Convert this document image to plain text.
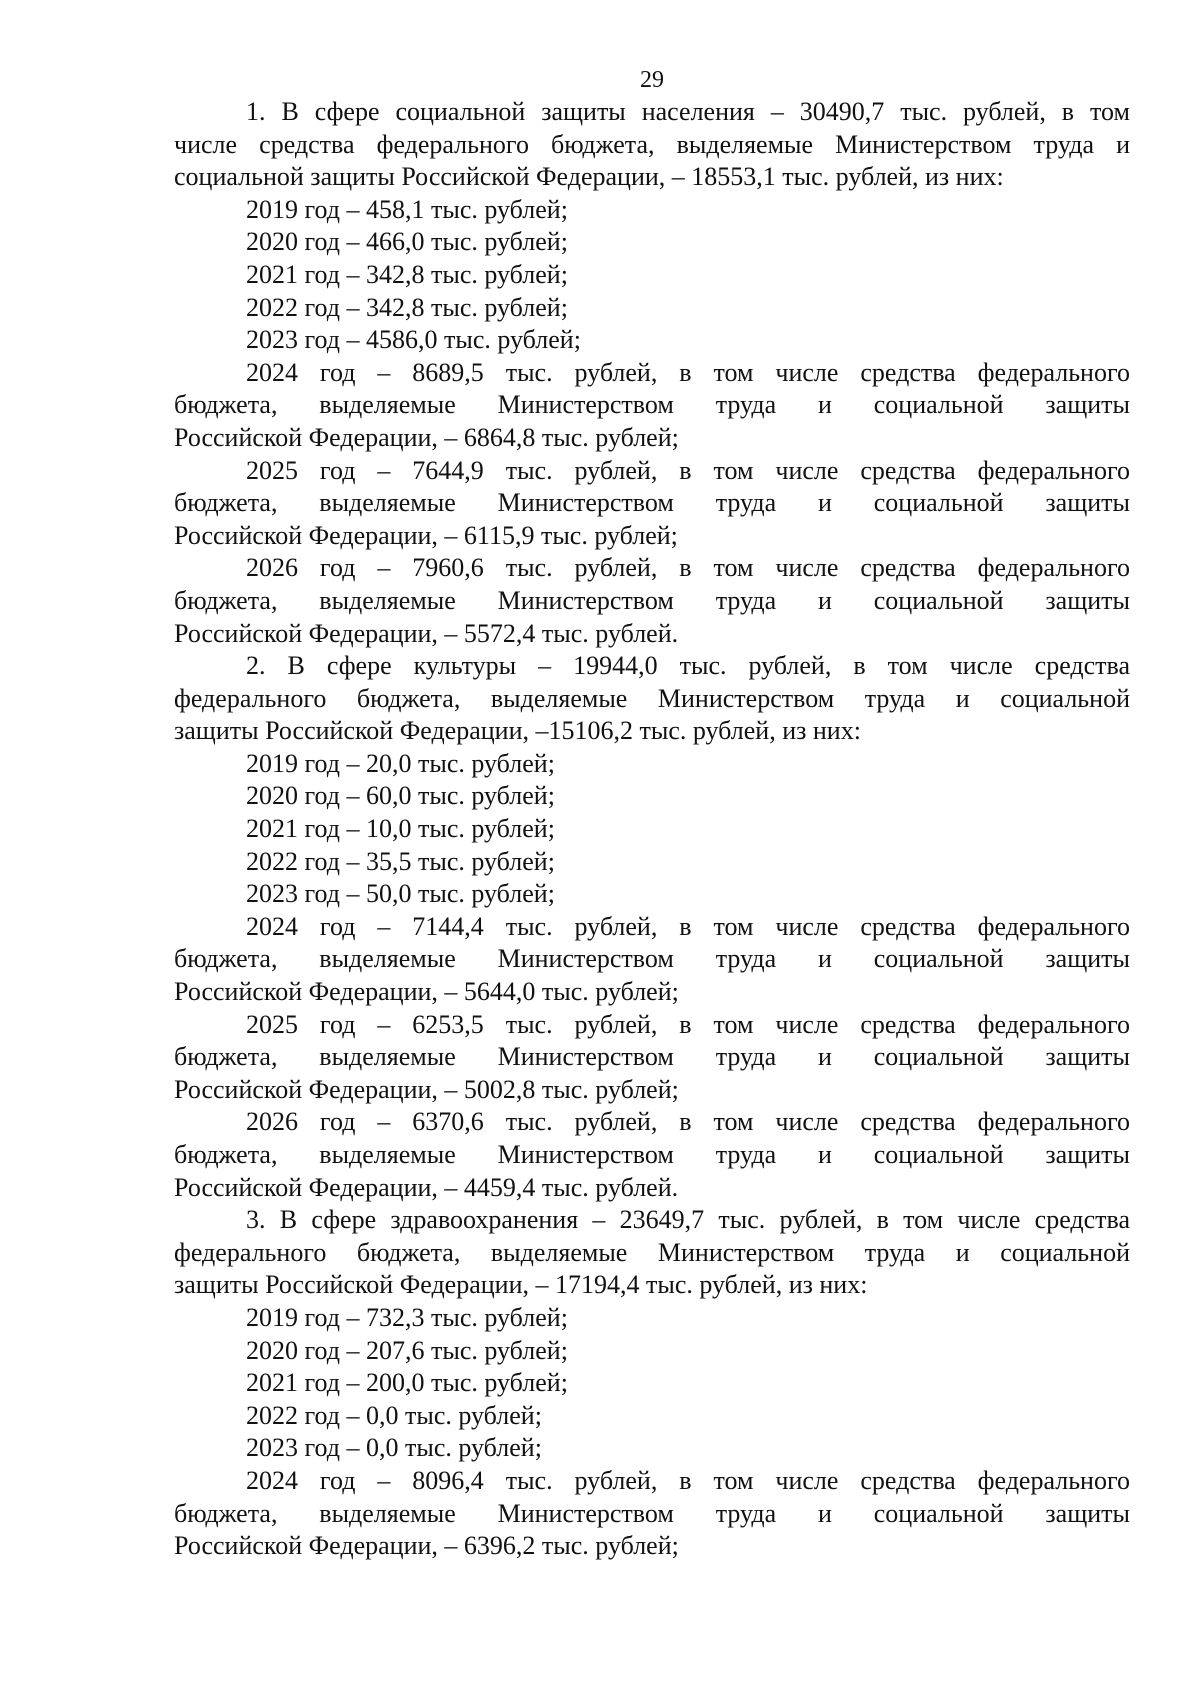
29
1. В сфере социальной защиты населения – 30490,7 тыс. рублей, в том
числе средства федерального бюджета, выделяемые Министерством труда и
социальной защиты Российской Федерации, – 18553,1 тыс. рублей, из них:
2019 год – 458,1 тыс. рублей;
2020 год – 466,0 тыс. рублей;
2021 год – 342,8 тыс. рублей;
2022 год – 342,8 тыс. рублей;
2023 год – 4586,0 тыс. рублей;
2024 год – 8689,5 тыс. рублей, в том числе средства федерального
бюджета, выделяемые Министерством труда и социальной защиты
Российской Федерации, – 6864,8 тыс. рублей;
2025 год – 7644,9 тыс. рублей, в том числе средства федерального
бюджета, выделяемые Министерством труда и социальной защиты
Российской Федерации, – 6115,9 тыс. рублей;
2026 год – 7960,6 тыс. рублей, в том числе средства федерального
бюджета, выделяемые Министерством труда и социальной защиты
Российской Федерации, – 5572,4 тыс. рублей.
2. В сфере культуры – 19944,0 тыс. рублей, в том числе средства
федерального бюджета, выделяемые Министерством труда и социальной
защиты Российской Федерации, –15106,2 тыс. рублей, из них:
2019 год – 20,0 тыс. рублей;
2020 год – 60,0 тыс. рублей;
2021 год – 10,0 тыс. рублей;
2022 год – 35,5 тыс. рублей;
2023 год – 50,0 тыс. рублей;
2024 год – 7144,4 тыс. рублей, в том числе средства федерального
бюджета, выделяемые Министерством труда и социальной защиты
Российской Федерации, – 5644,0 тыс. рублей;
2025 год – 6253,5 тыс. рублей, в том числе средства федерального
бюджета, выделяемые Министерством труда и социальной защиты
Российской Федерации, – 5002,8 тыс. рублей;
2026 год – 6370,6 тыс. рублей, в том числе средства федерального
бюджета, выделяемые Министерством труда и социальной защиты
Российской Федерации, – 4459,4 тыс. рублей.
3. В сфере здравоохранения – 23649,7 тыс. рублей, в том числе средства
федерального бюджета, выделяемые Министерством труда и социальной
защиты Российской Федерации, – 17194,4 тыс. рублей, из них:
2019 год – 732,3 тыс. рублей;
2020 год – 207,6 тыс. рублей;
2021 год – 200,0 тыс. рублей;
2022 год – 0,0 тыс. рублей;
2023 год – 0,0 тыс. рублей;
2024 год – 8096,4 тыс. рублей, в том числе средства федерального
бюджета, выделяемые Министерством труда и социальной защиты
Российской Федерации, – 6396,2 тыс. рублей;
